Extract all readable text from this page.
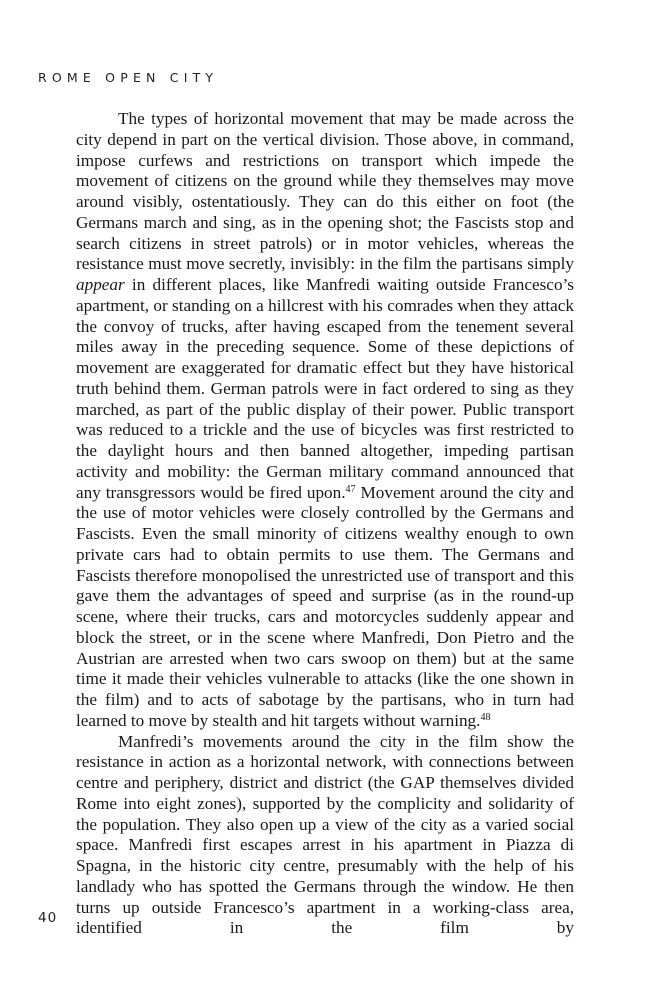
ROME OPEN CITY

The types of horizontal movement that may be made across the city depend in part on the vertical division. Those above, in command, impose curfews and restrictions on transport which impede the movement of citizens on the ground while they themselves may move around visibly, ostentatiously. They can do this either on foot (the Germans march and sing, as in the opening shot; the Fascists stop and search citizens in street patrols) or in motor vehicles, whereas the resistance must move secretly, invisibly: in the film the partisans simply appear in different places, like Manfredi waiting outside Francesco’s apartment, or standing on a hillcrest with his comrades when they attack the convoy of trucks, after having escaped from the tenement several miles away in the preceding sequence. Some of these depictions of movement are exaggerated for dramatic effect but they have historical truth behind them. German patrols were in fact ordered to sing as they marched, as part of the public display of their power. Public transport was reduced to a trickle and the use of bicycles was first restricted to the daylight hours and then banned altogether, impeding partisan activity and mobility: the German military command announced that any transgressors would be fired upon.$^{47}$ Movement around the city and the use of motor vehicles were closely controlled by the Germans and Fascists. Even the small minority of citizens wealthy enough to own private cars had to obtain permits to use them. The Germans and Fascists therefore monopolised the unrestricted use of transport and this gave them the advantages of speed and surprise (as in the round-up scene, where their trucks, cars and motorcycles suddenly appear and block the street, or in the scene where Manfredi, Don Pietro and the Austrian are arrested when two cars swoop on them) but at the same time it made their vehicles vulnerable to attacks (like the one shown in the film) and to acts of sabotage by the partisans, who in turn had learned to move by stealth and hit targets without warning.$^{48}$

Manfredi’s movements around the city in the film show the resistance in action as a horizontal network, with connections between centre and periphery, district and district (the GAP themselves divided Rome into eight zones), supported by the complicity and solidarity of the population. They also open up a view of the city as a varied social space. Manfredi first escapes arrest in his apartment in Piazza di Spagna, in the historic city centre, presumably with the help of his landlady who has spotted the Germans through the window. He then turns up outside Francesco’s apartment in a working-class area, identified in the film by

40
